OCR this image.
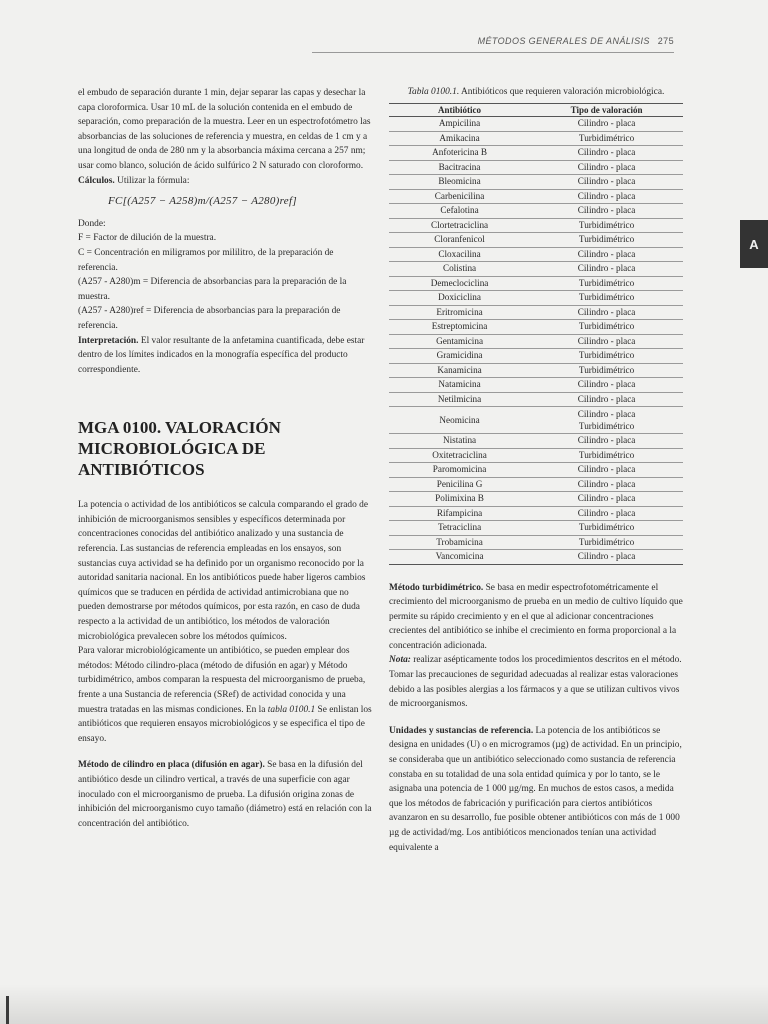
MÉTODOS GENERALES DE ANÁLISIS 275
A

el embudo de separación durante 1 min, dejar separar las capas y desechar la capa cloroformica. Usar 10 mL de la solución contenida en el embudo de separación, como preparación de la muestra. Leer en un espectrofotómetro las absorbancias de las soluciones de referencia y muestra, en celdas de 1 cm y a una longitud de onda de 280 nm y la absorbancia máxima cercana a 257 nm; usar como blanco, solución de ácido sulfúrico 2 N saturado con cloroformo.

Cálculos. Utilizar la fórmula:

FC[(A257 − A258)m/(A257 − A280)ref]

Donde:

F = Factor de dilución de la muestra.

C = Concentración en miligramos por mililitro, de la preparación de referencia.

(A257 - A280)m = Diferencia de absorbancias para la preparación de la muestra.

(A257 - A280)ref = Diferencia de absorbancias para la preparación de referencia.

Interpretación. El valor resultante de la anfetamina cuantificada, debe estar dentro de los límites indicados en la monografía específica del producto correspondiente.

MGA 0100. VALORACIÓN MICROBIOLÓGICA DE ANTIBIÓTICOS

La potencia o actividad de los antibióticos se calcula comparando el grado de inhibición de microorganismos sensibles y específicos determinada por concentraciones conocidas del antibiótico analizado y una sustancia de referencia. Las sustancias de referencia empleadas en los ensayos, son sustancias cuya actividad se ha definido por un organismo reconocido por la autoridad sanitaria nacional. En los antibióticos puede haber ligeros cambios químicos que se traducen en pérdida de actividad antimicrobiana que no pueden demostrarse por métodos químicos, por esta razón, en caso de duda respecto a la actividad de un antibiótico, los métodos de valoración microbiológica prevalecen sobre los métodos químicos.

Para valorar microbiológicamente un antibiótico, se pueden emplear dos métodos: Método cilindro-placa (método de difusión en agar) y Método turbidimétrico, ambos comparan la respuesta del microorganismo de prueba, frente a una Sustancia de referencia (SRef) de actividad conocida y una muestra tratadas en las mismas condiciones. En la tabla 0100.1 Se enlistan los antibióticos que requieren ensayos microbiológicos y se especifica el tipo de ensayo.

Método de cilindro en placa (difusión en agar). Se basa en la difusión del antibiótico desde un cilindro vertical, a través de una superficie con agar inoculado con el microorganismo de prueba. La difusión origina zonas de inhibición del microorganismo cuyo tamaño (diámetro) está en relación con la concentración del antibiótico.

Tabla 0100.1. Antibióticos que requieren valoración microbiológica.
Antibiótico	Tipo de valoración
Ampicilina	Cilindro - placa
Amikacina	Turbidimétrico
Anfotericina B	Cilindro - placa
Bacitracina	Cilindro - placa
Bleomicina	Cilindro - placa
Carbenicilina	Cilindro - placa
Cefalotina	Cilindro - placa
Clortetraciclina	Turbidimétrico
Cloranfenicol	Turbidimétrico
Cloxacilina	Cilindro - placa
Colistina	Cilindro - placa
Demeclociclina	Turbidimétrico
Doxiciclina	Turbidimétrico
Eritromicina	Cilindro - placa
Estreptomicina	Turbidimétrico
Gentamicina	Cilindro - placa
Gramicidina	Turbidimétrico
Kanamicina	Turbidimétrico
Natamicina	Cilindro - placa
Netilmicina	Cilindro - placa
Neomicina	Cilindro - placa
Turbidimétrico

Nistatina	Cilindro - placa
Oxitetraciclina	Turbidimétrico
Paromomicina	Cilindro - placa
Penicilina G	Cilindro - placa
Polimixina B	Cilindro - placa
Rifampicina	Cilindro - placa
Tetraciclina	Turbidimétrico
Trobamicina	Turbidimétrico
Vancomicina	Cilindro - placa

Método turbidimétrico. Se basa en medir espectrofotométricamente el crecimiento del microorganismo de prueba en un medio de cultivo líquido que permite su rápido crecimiento y en el que al adicionar concentraciones crecientes del antibiótico se inhibe el crecimiento en forma proporcional a la concentración adicionada.

Nota: realizar asépticamente todos los procedimientos descritos en el método. Tomar las precauciones de seguridad adecuadas al realizar estas valoraciones debido a las posibles alergias a los fármacos y a que se utilizan cultivos vivos de microorganismos.

Unidades y sustancias de referencia. La potencia de los antibióticos se designa en unidades (U) o en microgramos (µg) de actividad. En un principio, se consideraba que un antibiótico seleccionado como sustancia de referencia constaba en su totalidad de una sola entidad química y por lo tanto, se le asignaba una potencia de 1 000 µg/mg. En muchos de estos casos, a medida que los métodos de fabricación y purificación para ciertos antibióticos avanzaron en su desarrollo, fue posible obtener antibióticos con más de 1 000 µg de actividad/mg. Los antibióticos mencionados tenían una actividad equivalente a
